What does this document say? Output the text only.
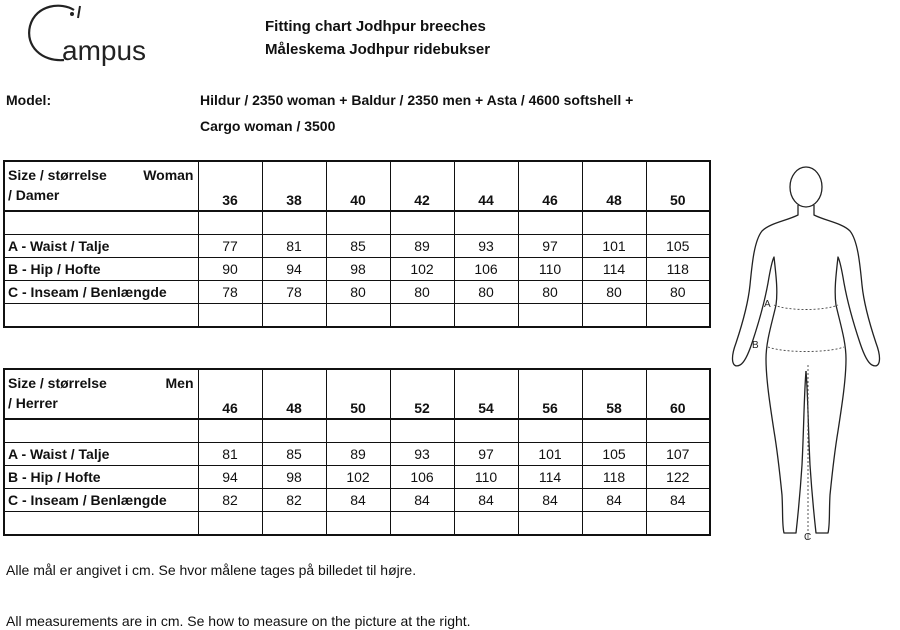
ampus
Fitting chart Jodhpur breeches
Måleskema Jodhpur ridebukser
Model:	Hildur / 2350 woman + Baldur / 2350 men + Asta / 4600 softshell +
Cargo woman / 3500
Size / størrelse Woman
/ Damer	36	38	40	42	44	46	48	50

A - Waist / Talje	77	81	85	89	93	97	101	105
B - Hip / Hofte	90	94	98	102	106	110	114	118
C - Inseam / Benlængde	78	78	80	80	80	80	80	80

Size / størrelse Men
/ Herrer	46	48	50	52	54	56	58	60

A - Waist / Talje	81	85	89	93	97	101	105	107
B - Hip / Hofte	94	98	102	106	110	114	118	122
C - Inseam / Benlængde	82	82	84	84	84	84	84	84

A
B
C
Alle mål er angivet i cm. Se hvor målene tages på billedet til højre.
All measurements are in cm. Se how to measure on the picture at the right.
